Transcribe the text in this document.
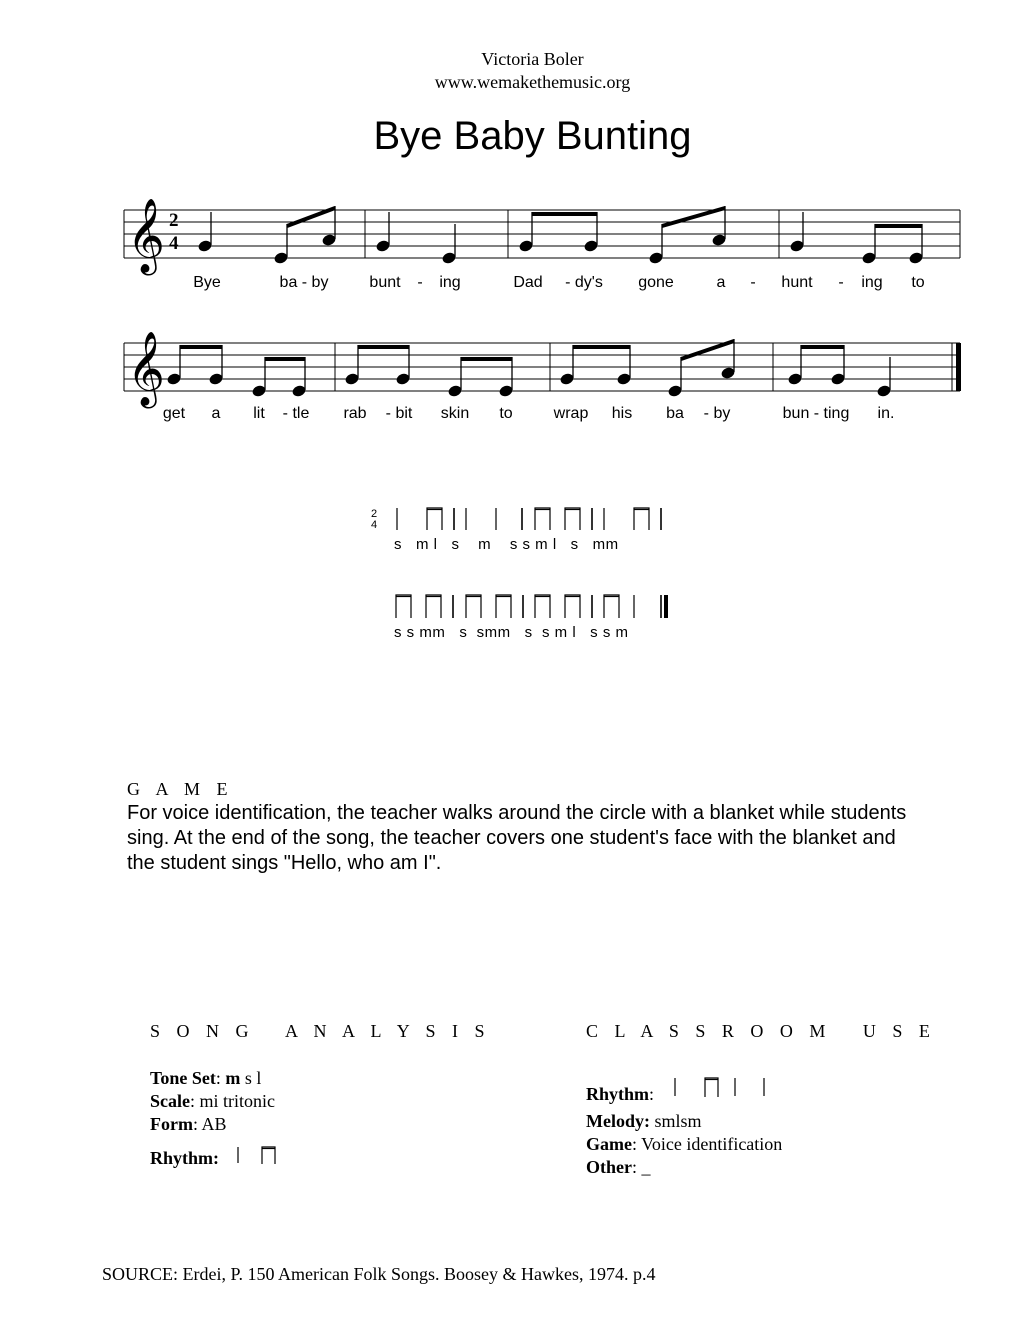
Victoria Boler
www.wemakethemusic.org
Bye Baby Bunting
𝄞 2
4
Bye	ba - by	bunt - ing	Dad - dy's gone	a - hunt - ing to
𝄞
get a lit - tle rab - bit skin to	wrap his ba - by	bun - ting in.
2
4
s   m l   s    m    s s m l   s   mm
s s mm   s  smm   s  s m l   s s m
G A M E
For voice identification, the teacher walks around the circle with a blanket while students sing. At the end of the song, the teacher covers one student's face with the blanket and the student sings "Hello, who am I".
S O N G   A N A L Y S I S
Tone Set: m s l
Scale: mi tritonic
Form: AB
Rhythm:
C L A S S R O O M   U S E
Rhythm:
Melody: smlsm
Game: Voice identification
Other: _
SOURCE: Erdei, P. 150 American Folk Songs. Boosey & Hawkes, 1974. p.4
